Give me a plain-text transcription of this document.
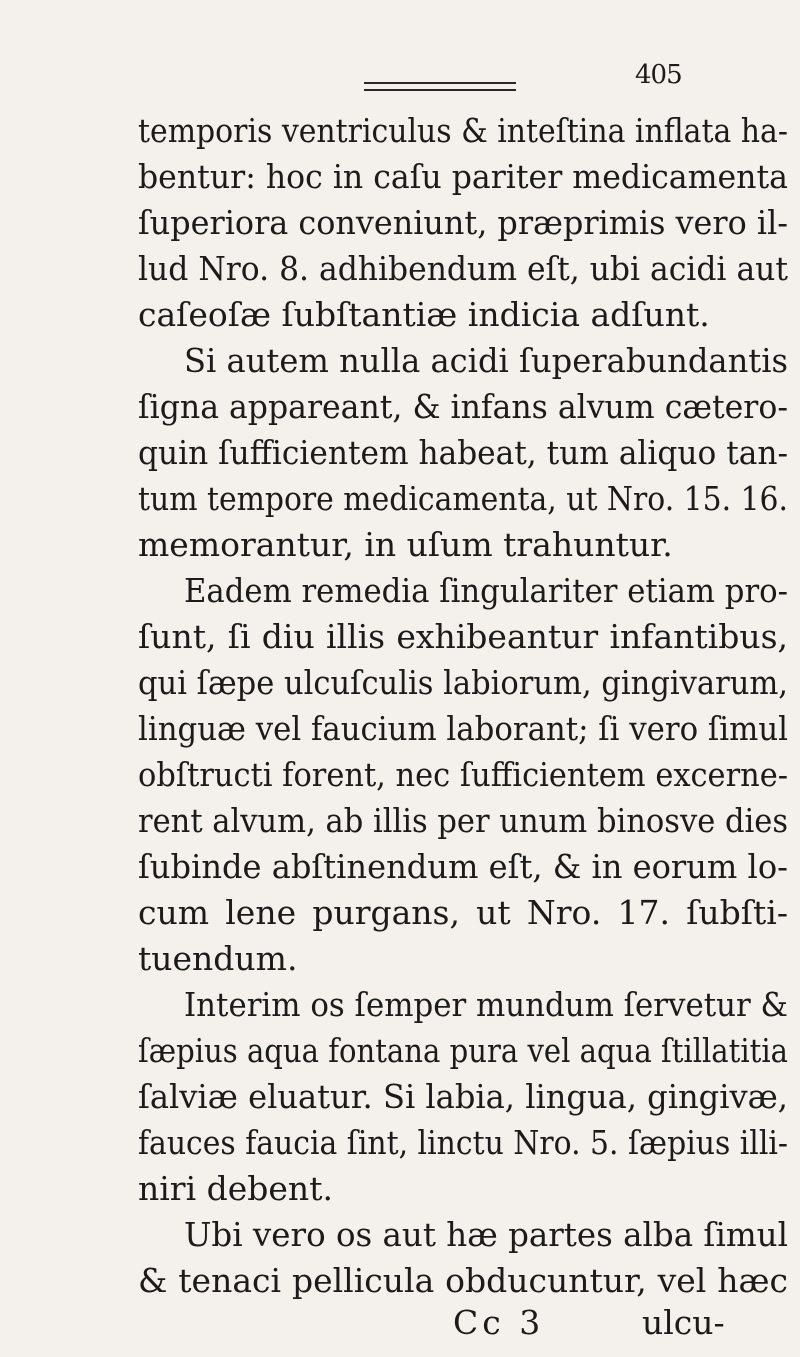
405
temporis ventriculus & inteſtina inflata ha-
bentur: hoc in caſu pariter medicamenta
ſuperiora conveniunt, præprimis vero il-
lud Nro. 8. adhibendum eſt, ubi acidi aut
caſeoſæ ſubſtantiæ indicia adſunt.
Si autem nulla acidi ſuperabundantis
ſigna appareant, & infans alvum cætero-
quin ſufficientem habeat, tum aliquo tan-
tum tempore medicamenta, ut Nro. 15. 16.
memorantur, in uſum trahuntur.
Eadem remedia ſingulariter etiam pro-
ſunt, ſi diu illis exhibeantur infantibus,
qui ſæpe ulcuſculis labiorum, gingivarum,
linguæ vel faucium laborant; ſi vero ſimul
obſtructi forent, nec ſufficientem excerne-
rent alvum, ab illis per unum binosve dies
ſubinde abſtinendum eſt, & in eorum lo-
cum lene purgans, ut Nro. 17. ſubſti-
tuendum.
Interim os ſemper mundum ſervetur &
ſæpius aqua fontana pura vel aqua ſtillatitia
ſalviæ eluatur. Si labia, lingua, gingivæ,
fauces faucia ſint, linctu Nro. 5. ſæpius illi-
niri debent.
Ubi vero os aut hæ partes alba ſimul
& tenaci pellicula obducuntur, vel hæc
Cc 3	ulcu-
